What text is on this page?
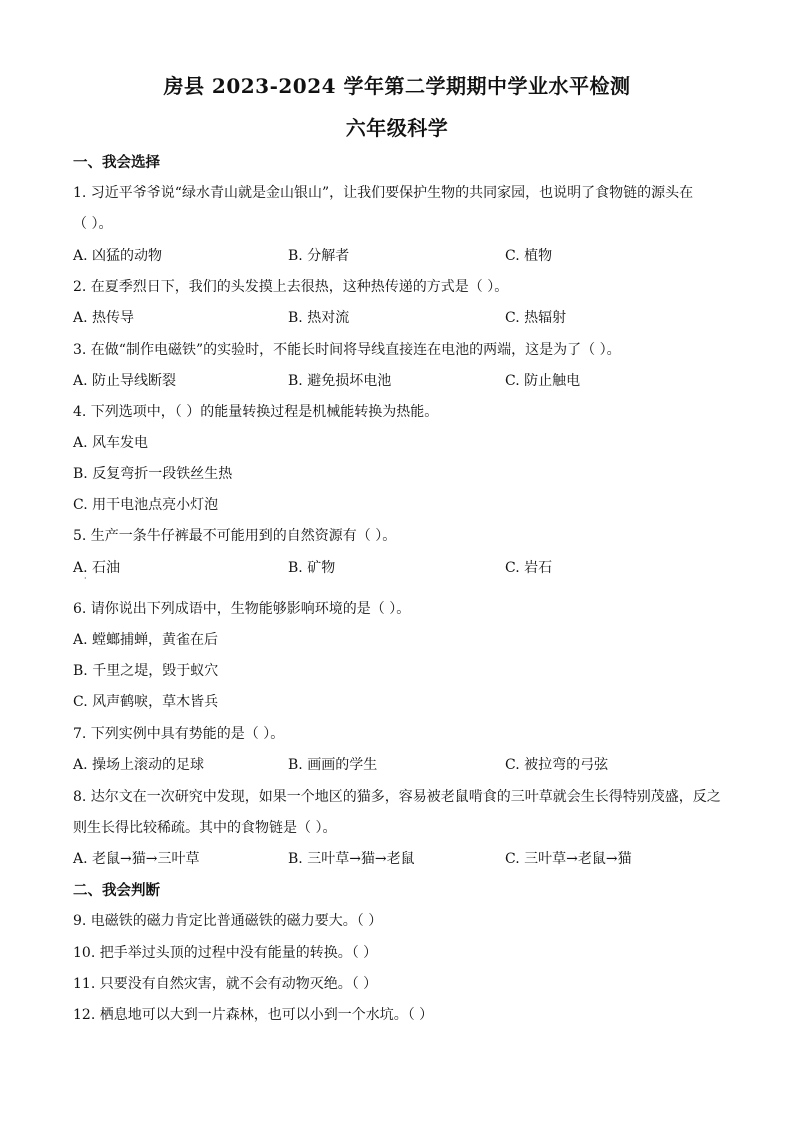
房县 2023-2024 学年第二学期期中学业水平检测
六年级科学
一、我会选择
1. 习近平爷爷说“绿水青山就是金山银山”，让我们要保护生物的共同家园，也说明了食物链的源头在
（ ）。
A. 凶猛的动物	B. 分解者	C. 植物
2. 在夏季烈日下，我们的头发摸上去很热，这种热传递的方式是（ ）。
A. 热传导	B. 热对流	C. 热辐射
3. 在做“制作电磁铁”的实验时，不能长时间将导线直接连在电池的两端，这是为了（ ）。
A. 防止导线断裂	B. 避免损坏电池	C. 防止触电
4. 下列选项中，（ ）的能量转换过程是机械能转换为热能。
A. 风车发电
B. 反复弯折一段铁丝生热
C. 用干电池点亮小灯泡
5. 生产一条牛仔裤最不可能用到的自然资源有（ ）。
A. 石油	B. 矿物	C. 岩石
·
6. 请你说出下列成语中，生物能够影响环境的是（ ）。
A. 螳螂捕蝉，黄雀在后
B. 千里之堤，毁于蚁穴
C. 风声鹤唳，草木皆兵
7. 下列实例中具有势能的是（ ）。
A. 操场上滚动的足球	B. 画画的学生	C. 被拉弯的弓弦
8. 达尔文在一次研究中发现，如果一个地区的猫多，容易被老鼠啃食的三叶草就会生长得特别茂盛，反之
则生长得比较稀疏。其中的食物链是（ ）。
A. 老鼠→猫→三叶草	B. 三叶草→猫→老鼠	C. 三叶草→老鼠→猫
二、我会判断
9. 电磁铁的磁力肯定比普通磁铁的磁力要大。（ ）
10. 把手举过头顶的过程中没有能量的转换。（ ）
11. 只要没有自然灾害，就不会有动物灭绝。（ ）
12. 栖息地可以大到一片森林，也可以小到一个水坑。（ ）
